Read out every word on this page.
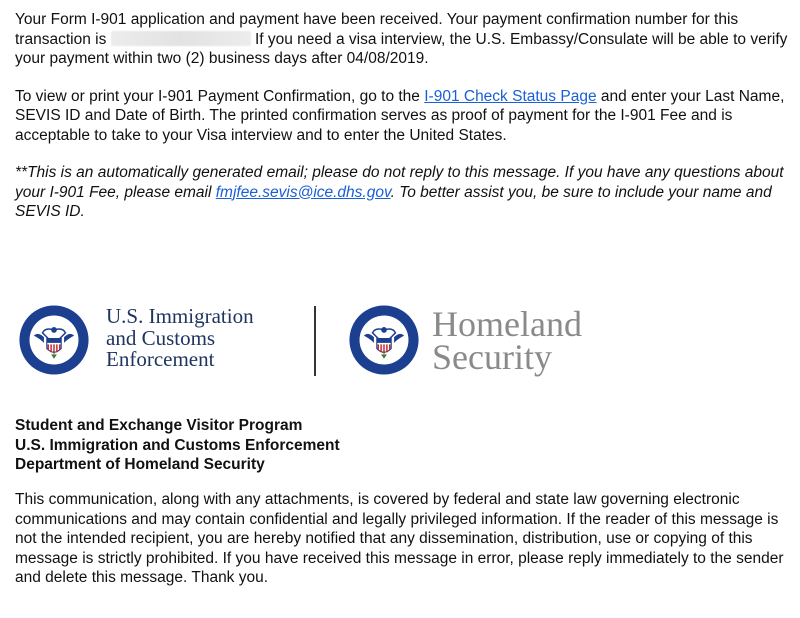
Your Form I-901 application and payment have been received. Your payment confirmation number for this transaction is	If you need a visa interview, the U.S. Embassy/Consulate will be able to verify your payment within two (2) business days after 04/08/2019.

To view or print your I-901 Payment Confirmation, go to the I-901 Check Status Page and enter your Last Name, SEVIS ID and Date of Birth. The printed confirmation serves as proof of payment for the I-901 Fee and is acceptable to take to your Visa interview and to enter the United States.

**This is an automatically generated email; please do not reply to this message. If you have any questions about your I-901 Fee, please email fmjfee.sevis@ice.dhs.gov. To better assist you, be sure to include your name and SEVIS ID.

U.S. Immigration
and Customs
Enforcement
Homeland
Security
Student and Exchange Visitor Program
U.S. Immigration and Customs Enforcement
Department of Homeland Security

This communication, along with any attachments, is covered by federal and state law governing electronic communications and may contain confidential and legally privileged information. If the reader of this message is not the intended recipient, you are hereby notified that any dissemination, distribution, use or copying of this message is strictly prohibited. If you have received this message in error, please reply immediately to the sender and delete this message. Thank you.
